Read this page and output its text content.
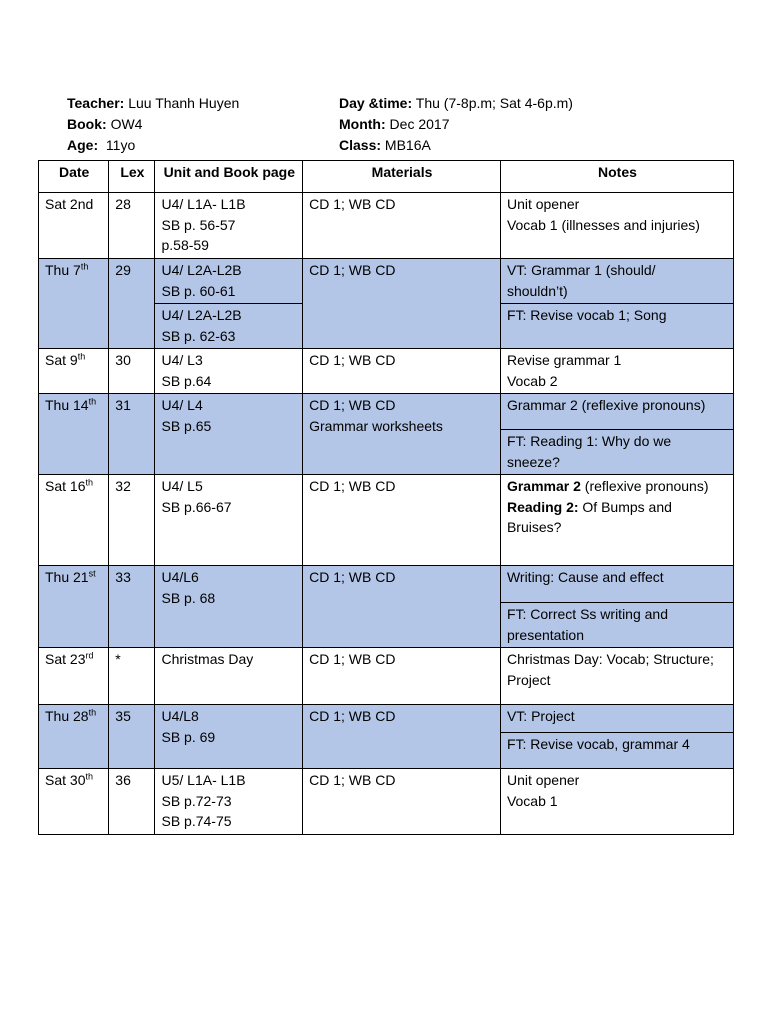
Teacher: Luu Thanh Huyen	Day &time: Thu (7-8p.m; Sat 4-6p.m)
Book: OW4	Month: Dec 2017
Age: 11yo	Class: MB16A
Date	Lex	Unit and Book page	Materials	Notes
Sat 2nd	28	U4/ L1A- L1B
SB p. 56-57
p.58-59	CD 1; WB CD	Unit opener
Vocab 1 (illnesses and injuries)

Thu 7th	29	U4/ L2A-L2B
SB p. 60-61	CD 1; WB CD	VT: Grammar 1 (should/
shouldn’t)

		U4/ L2A-L2B
SB p. 62-63		FT: Revise vocab 1; Song

Sat 9th	30	U4/ L3
SB p.64	CD 1; WB CD	Revise grammar 1
Vocab 2

Thu 14th	31	U4/ L4
SB p.65	CD 1; WB CD
Grammar worksheets	Grammar 2 (reflexive pronouns)

				FT: Reading 1: Why do we
sneeze?

Sat 16th	32	U4/ L5
SB p.66-67	CD 1; WB CD	Grammar 2 (reflexive pronouns)
Reading 2: Of Bumps and
Bruises?

Thu 21st	33	U4/L6
SB p. 68	CD 1; WB CD	Writing: Cause and effect

				FT: Correct Ss writing and
presentation

Sat 23rd	*	Christmas Day	CD 1; WB CD	Christmas Day: Vocab; Structure;
Project

Thu 28th	35	U4/L8
SB p. 69	CD 1; WB CD	VT: Project

				FT: Revise vocab, grammar 4

Sat 30th	36	U5/ L1A- L1B
SB p.72-73
SB p.74-75	CD 1; WB CD	Unit opener
Vocab 1
